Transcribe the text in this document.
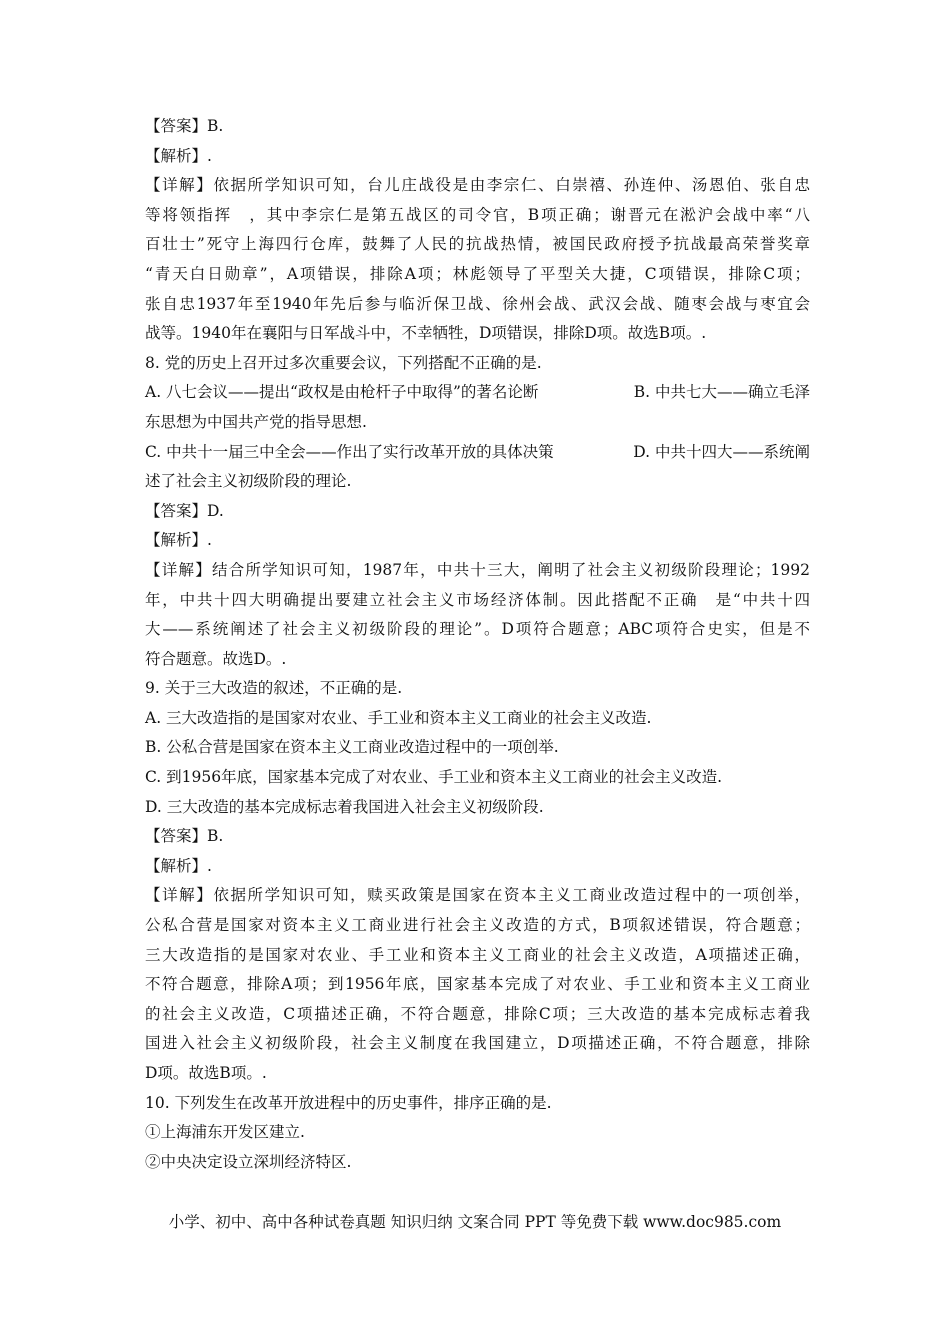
【答案】B.

【解析】.

【详解】依据所学知识可知，台儿庄战役是由李宗仁、白崇禧、孙连仲、汤恩伯、张自忠

等将领指挥　，其中李宗仁是第五战区的司令官，B项正确；谢晋元在淞沪会战中率“八

百壮士”死守上海四行仓库，鼓舞了人民的抗战热情，被国民政府授予抗战最高荣誉奖章

“青天白日勋章”，A项错误，排除A项；林彪领导了平型关大捷，C项错误，排除C项；

张自忠1937年至1940年先后参与临沂保卫战、徐州会战、武汉会战、随枣会战与枣宜会

战等。1940年在襄阳与日军战斗中，不幸牺牲，D项错误，排除D项。故选B项。.

8. 党的历史上召开过多次重要会议，下列搭配不正确的是.

A. 八七会议——提出“政权是由枪杆子中取得”的著名论断	B. 中共七大——确立毛泽

东思想为中国共产党的指导思想.

C. 中共十一届三中全会——作出了实行改革开放的具体决策	D. 中共十四大——系统阐

述了社会主义初级阶段的理论.

【答案】D.

【解析】.

【详解】结合所学知识可知，1987年，中共十三大，阐明了社会主义初级阶段理论；1992

年，中共十四大明确提出要建立社会主义市场经济体制。因此搭配不正确　是“中共十四

大——系统阐述了社会主义初级阶段的理论”。D项符合题意；ABC项符合史实，但是不

符合题意。故选D。.

9. 关于三大改造的叙述，不正确的是.

A. 三大改造指的是国家对农业、手工业和资本主义工商业的社会主义改造.

B. 公私合营是国家在资本主义工商业改造过程中的一项创举.

C. 到1956年底，国家基本完成了对农业、手工业和资本主义工商业的社会主义改造.

D. 三大改造的基本完成标志着我国进入社会主义初级阶段.

【答案】B.

【解析】.

【详解】依据所学知识可知，赎买政策是国家在资本主义工商业改造过程中的一项创举，

公私合营是国家对资本主义工商业进行社会主义改造的方式，B项叙述错误，符合题意；

三大改造指的是国家对农业、手工业和资本主义工商业的社会主义改造，A项描述正确，

不符合题意，排除A项；到1956年底，国家基本完成了对农业、手工业和资本主义工商业

的社会主义改造，C项描述正确，不符合题意，排除C项；三大改造的基本完成标志着我

国进入社会主义初级阶段，社会主义制度在我国建立，D项描述正确，不符合题意，排除

D项。故选B项。.

10. 下列发生在改革开放进程中的历史事件，排序正确的是.

①上海浦东开发区建立.

②中央决定设立深圳经济特区.

小学、初中、高中各种试卷真题 知识归纳 文案合同 PPT 等免费下载 www.doc985.com
